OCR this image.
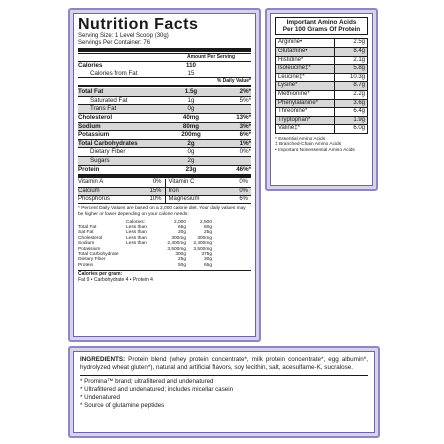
Nutrition Facts
Serving Size: 1 Level Scoop (30g)
Servings Per Container: 76
Amount Per Serving
Calories	110
Calories from Fat	15
% Daily Value*
Total Fat	1.5g	2%*
Saturated Fat	1g	5%*
Trans Fat	0g
Cholesterol	40mg	13%*
Sodium	80mg	3%*
Potassium	200mg	6%*
Total Carbohydrates	2g	1%*
Dietary Fiber	0g	0%*
Sugars	2g
Protein	23g	46%*
Vitamin A	0%	Vitamin C	0%
Calcium	15%	Iron	0%
Phosphorus	10%	Magnesium	6%
* Percent Daily Values are based on a 2,000 calorie diet. Your daily values may be higher or lower depending on your calorie needs:
Calories:	2,000	2,500
Total Fat	Less than	65g	80g
Sat Fat	Less than	20g	25g
Cholesterol	Less than	300mg	300mg
Sodium	Less than	2,400mg	2,400mg
Potassium	3,500mg	3,500mg
Total Carbohydrate	300g	375g
Dietary Fiber	25g	30g
Protein	50g	65g
Calories per gram:
Fat 9 • Carbohydrate 4 • Protein 4
Important Amino Acids
Per 100 Grams Of Protein
Arginine•	2.5g
Glutamine•	8.4g
Histidine*	2.1g
Isoleucine‡*	5.8g
Leucine‡*	10.3g
Lysine*	8.7g
Methionine*	2.2g
Phenylalanine*	3.6g
Threonine*	6.4g
Tryptophan*	1.9g
Valine‡*	6.0g
* Essential Amino Acids
‡ Branched-Chain Amino Acids
• Important Nonessential Amino Acids
INGREDIENTS: Protein blend (whey protein concentrate*, milk protein concentrate*, egg albumin*, hydrolyzed wheat gluten*), natural and artificial flavors, soy lecithin, salt, acesulfame-K, sucralose.
* Promina™ brand; ultrafiltered and undenatured
* Ultrafiltered and undenatured; includes micellar casein
* Undenatured
* Source of glutamine peptides
